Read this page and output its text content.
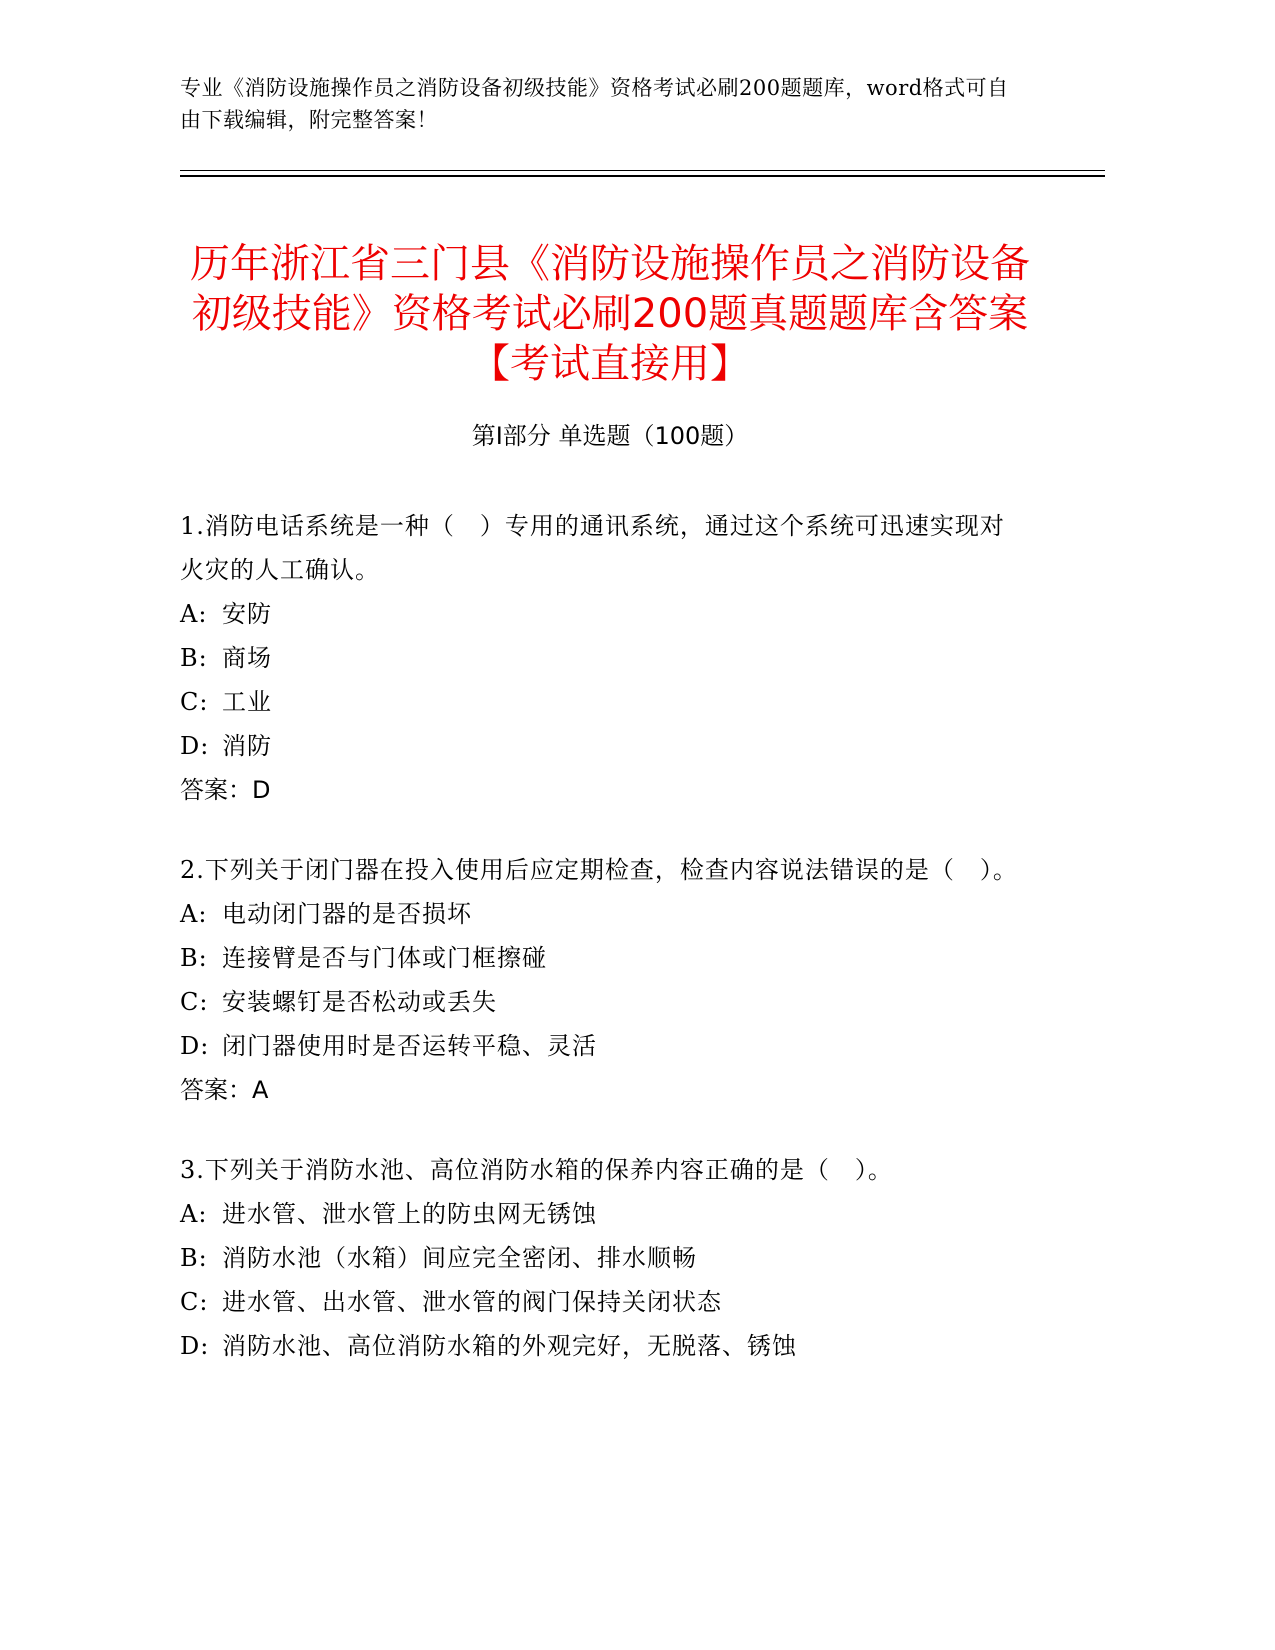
专业《消防设施操作员之消防设备初级技能》资格考试必刷200题题库，word格式可自由下载编辑，附完整答案！
历年浙江省三门县《消防设施操作员之消防设备初级技能》资格考试必刷200题真题题库含答案【考试直接用】
第Ⅰ部分 单选题（100题）
1.消防电话系统是一种（　）专用的通讯系统，通过这个系统可迅速实现对火灾的人工确认。
A: 安防
B: 商场
C: 工业
D: 消防
答案：D
2.下列关于闭门器在投入使用后应定期检查，检查内容说法错误的是（　）。
A: 电动闭门器的是否损坏
B: 连接臂是否与门体或门框擦碰
C: 安装螺钉是否松动或丢失
D: 闭门器使用时是否运转平稳、灵活
答案：A
3.下列关于消防水池、高位消防水箱的保养内容正确的是（　）。
A: 进水管、泄水管上的防虫网无锈蚀
B: 消防水池（水箱）间应完全密闭、排水顺畅
C: 进水管、出水管、泄水管的阀门保持关闭状态
D: 消防水池、高位消防水箱的外观完好，无脱落、锈蚀
